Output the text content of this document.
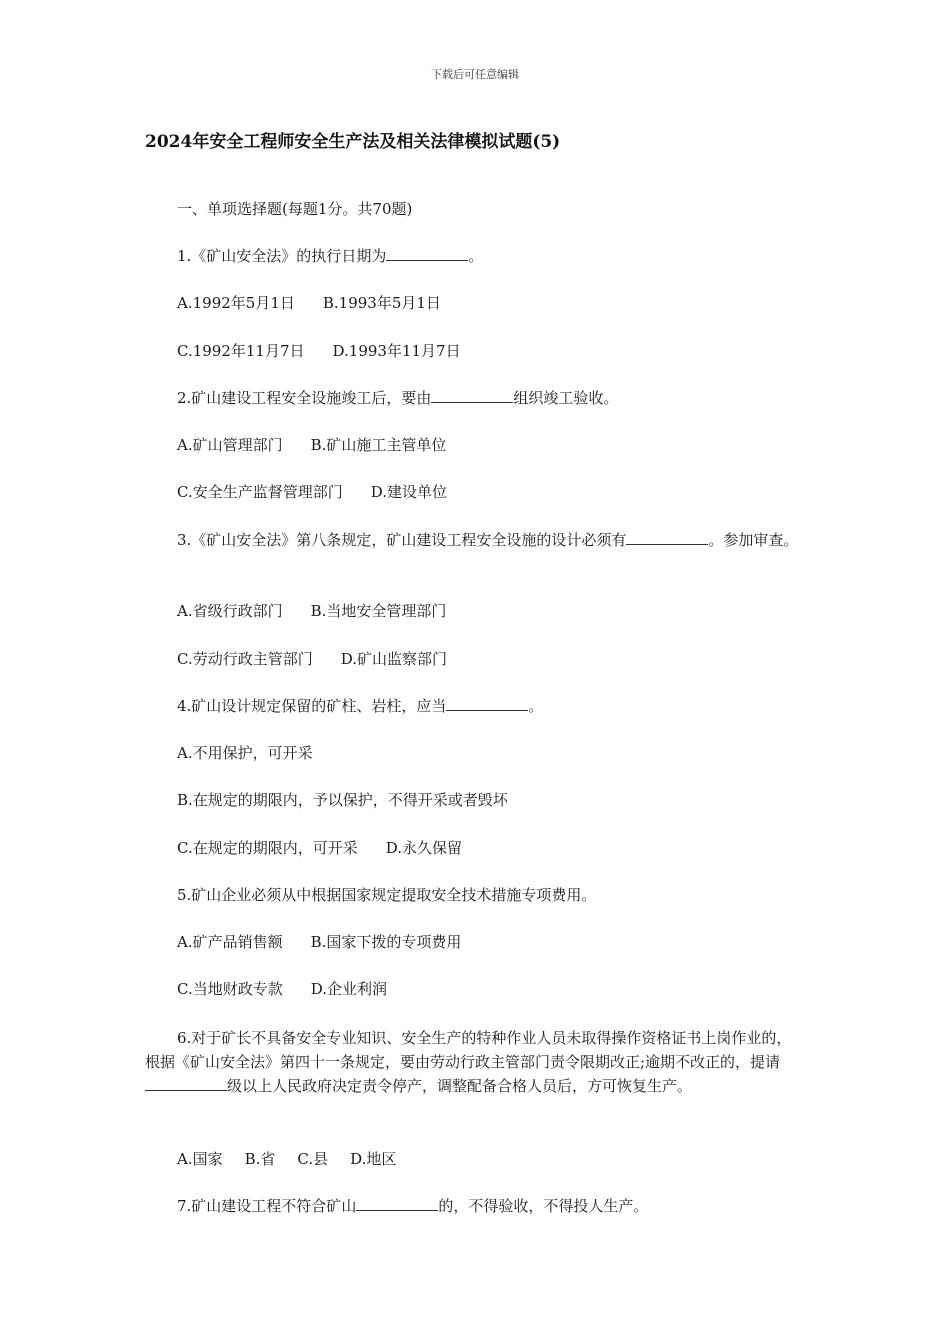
下载后可任意编辑
2024年安全工程师安全生产法及相关法律模拟试题(5)
一、单项选择题(每题1分。共70题)
1.《矿山安全法》的执行日期为	。
A.1992年5月1日 B.1993年5月1日
C.1992年11月7日 D.1993年11月7日
2.矿山建设工程安全设施竣工后，要由	组织竣工验收。
A.矿山管理部门 B.矿山施工主管单位
C.安全生产监督管理部门 D.建设单位
3.《矿山安全法》第八条规定，矿山建设工程安全设施的设计必须有	。参加审查。
A.省级行政部门 B.当地安全管理部门
C.劳动行政主管部门 D.矿山监察部门
4.矿山设计规定保留的矿柱、岩柱，应当	。
A.不用保护，可开采
B.在规定的期限内，予以保护，不得开采或者毁坏
C.在规定的期限内，可开采 D.永久保留
5.矿山企业必须从中根据国家规定提取安全技术措施专项费用。
A.矿产品销售额 B.国家下拨的专项费用
C.当地财政专款 D.企业利润
6.对于矿长不具备安全专业知识、安全生产的特种作业人员未取得操作资格证书上岗作业的，根据《矿山安全法》第四十一条规定，要由劳动行政主管部门责令限期改正;逾期不改正的，提请级以上人民政府决定责令停产，调整配备合格人员后，方可恢复生产。
A.国家 B.省 C.县 D.地区
7.矿山建设工程不符合矿山	的，不得验收，不得投人生产。
